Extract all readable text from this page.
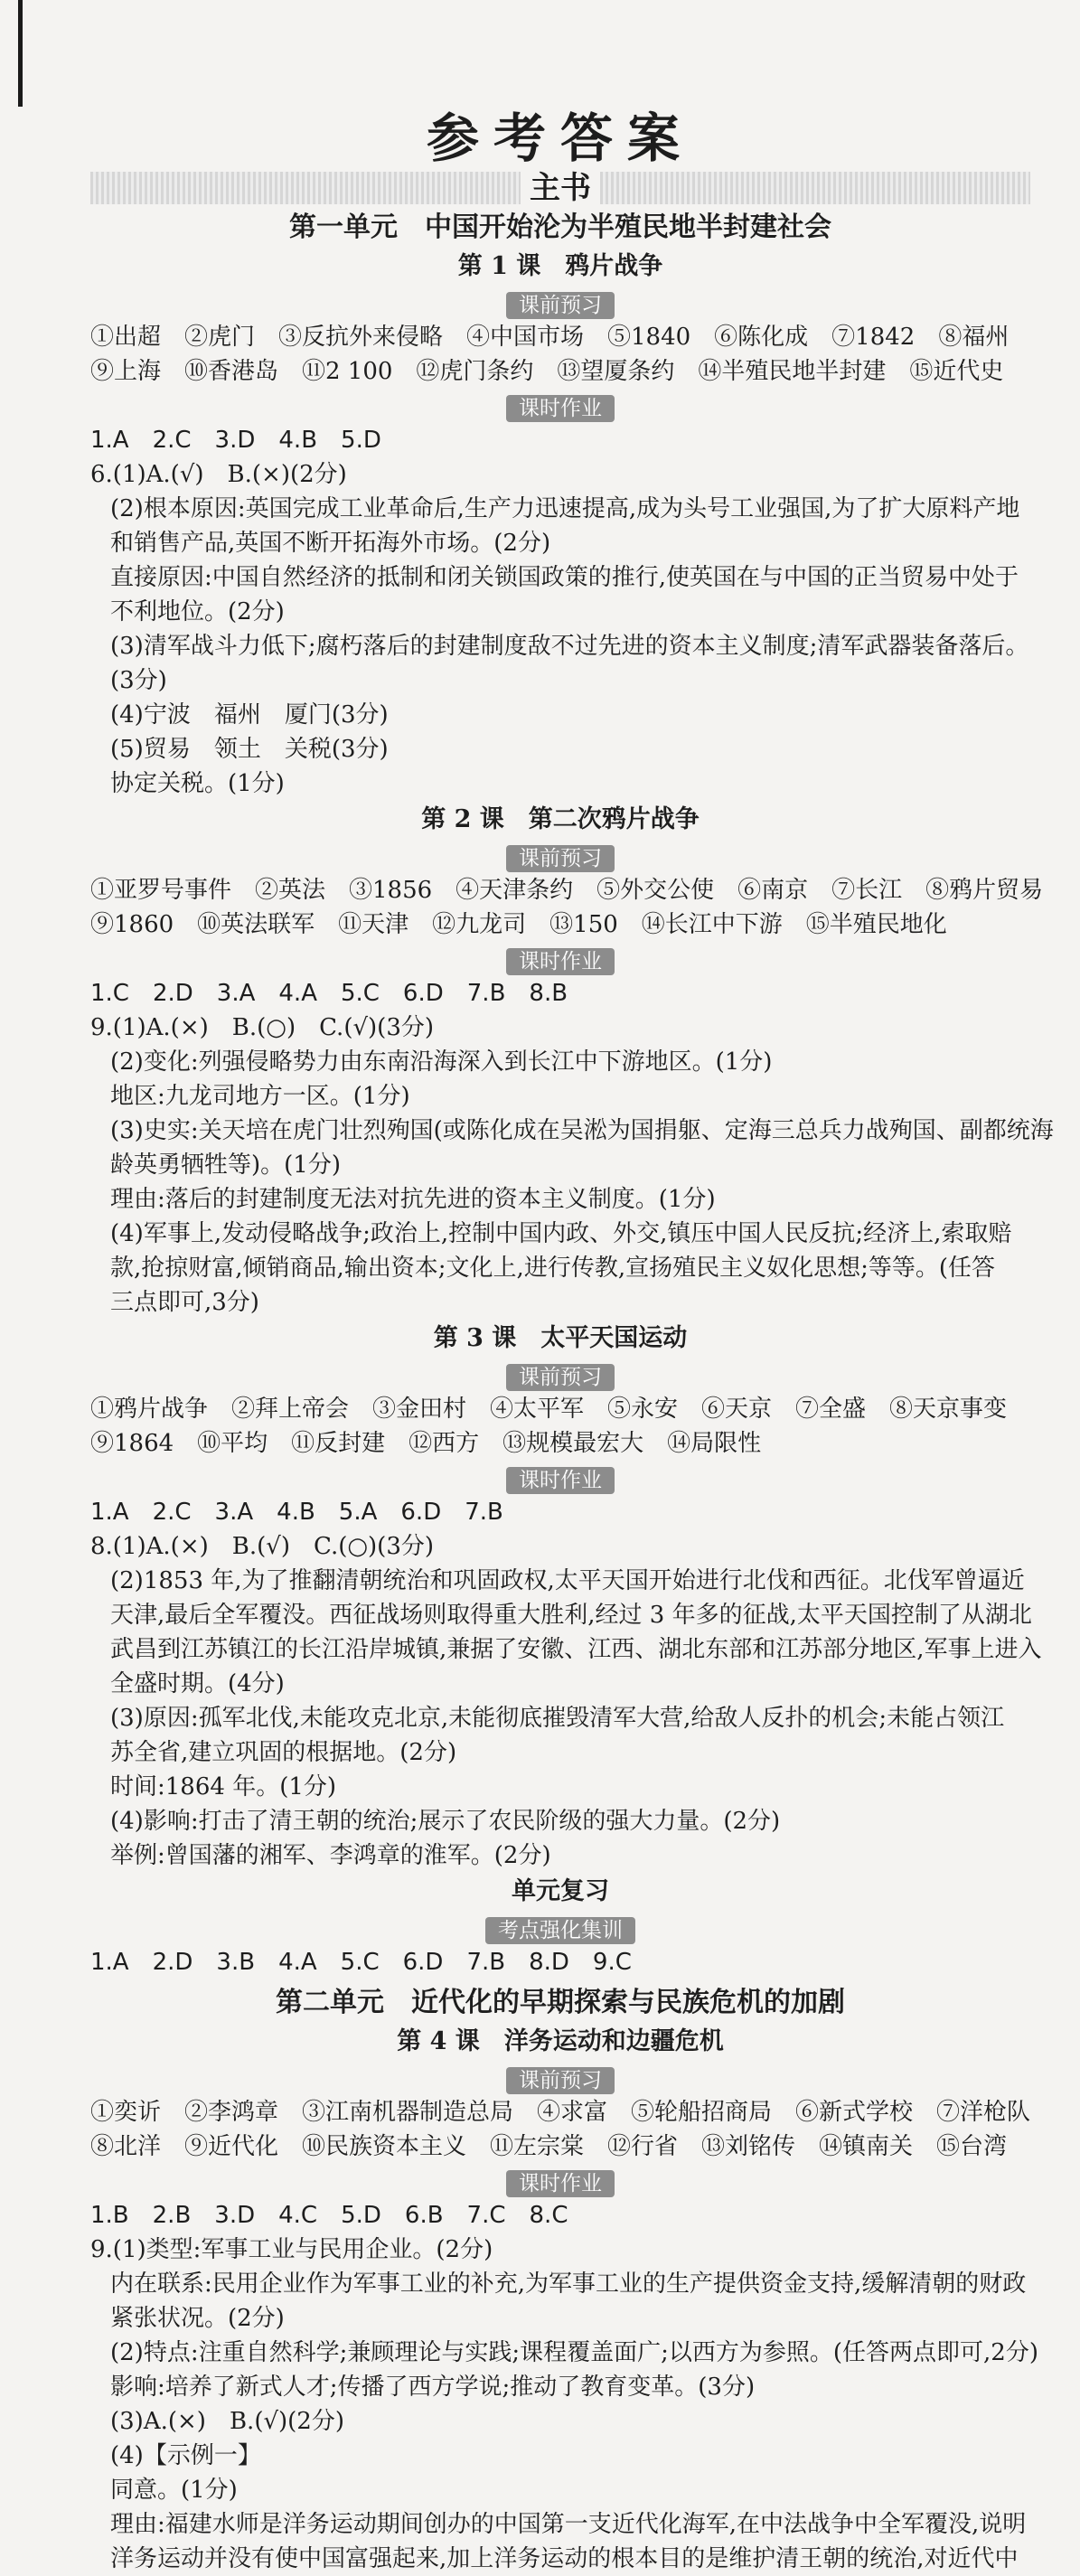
参考答案
主书
第一单元　中国开始沦为半殖民地半封建社会
第 1 课　鸦片战争
课前预习

①出超　②虎门　③反抗外来侵略　④中国市场　⑤1840　⑥陈化成　⑦1842　⑧福州

⑨上海　⑩香港岛　⑪2 100　⑫虎门条约　⑬望厦条约　⑭半殖民地半封建　⑮近代史

课时作业

1.A　2.C　3.D　4.B　5.D

6.(1)A.(√)　B.(×)(2分)

(2)根本原因:英国完成工业革命后,生产力迅速提高,成为头号工业强国,为了扩大原料产地

和销售产品,英国不断开拓海外市场。(2分)

直接原因:中国自然经济的抵制和闭关锁国政策的推行,使英国在与中国的正当贸易中处于

不利地位。(2分)

(3)清军战斗力低下;腐朽落后的封建制度敌不过先进的资本主义制度;清军武器装备落后。

(3分)

(4)宁波　福州　厦门(3分)

(5)贸易　领土　关税(3分)

协定关税。(1分)

第 2 课　第二次鸦片战争
课前预习

①亚罗号事件　②英法　③1856　④天津条约　⑤外交公使　⑥南京　⑦长江　⑧鸦片贸易

⑨1860　⑩英法联军　⑪天津　⑫九龙司　⑬150　⑭长江中下游　⑮半殖民地化

课时作业

1.C　2.D　3.A　4.A　5.C　6.D　7.B　8.B

9.(1)A.(×)　B.(○)　C.(√)(3分)

(2)变化:列强侵略势力由东南沿海深入到长江中下游地区。(1分)

地区:九龙司地方一区。(1分)

(3)史实:关天培在虎门壮烈殉国(或陈化成在吴淞为国捐躯、定海三总兵力战殉国、副都统海

龄英勇牺牲等)。(1分)

理由:落后的封建制度无法对抗先进的资本主义制度。(1分)

(4)军事上,发动侵略战争;政治上,控制中国内政、外交,镇压中国人民反抗;经济上,索取赔

款,抢掠财富,倾销商品,输出资本;文化上,进行传教,宣扬殖民主义奴化思想;等等。(任答

三点即可,3分)

第 3 课　太平天国运动
课前预习

①鸦片战争　②拜上帝会　③金田村　④太平军　⑤永安　⑥天京　⑦全盛　⑧天京事变

⑨1864　⑩平均　⑪反封建　⑫西方　⑬规模最宏大　⑭局限性

课时作业

1.A　2.C　3.A　4.B　5.A　6.D　7.B

8.(1)A.(×)　B.(√)　C.(○)(3分)

(2)1853 年,为了推翻清朝统治和巩固政权,太平天国开始进行北伐和西征。北伐军曾逼近

天津,最后全军覆没。西征战场则取得重大胜利,经过 3 年多的征战,太平天国控制了从湖北

武昌到江苏镇江的长江沿岸城镇,兼据了安徽、江西、湖北东部和江苏部分地区,军事上进入

全盛时期。(4分)

(3)原因:孤军北伐,未能攻克北京,未能彻底摧毁清军大营,给敌人反扑的机会;未能占领江

苏全省,建立巩固的根据地。(2分)

时间:1864 年。(1分)

(4)影响:打击了清王朝的统治;展示了农民阶级的强大力量。(2分)

举例:曾国藩的湘军、李鸿章的淮军。(2分)

单元复习
考点强化集训

1.A　2.D　3.B　4.A　5.C　6.D　7.B　8.D　9.C

第二单元　近代化的早期探索与民族危机的加剧
第 4 课　洋务运动和边疆危机
课前预习

①奕䜣　②李鸿章　③江南机器制造总局　④求富　⑤轮船招商局　⑥新式学校　⑦洋枪队

⑧北洋　⑨近代化　⑩民族资本主义　⑪左宗棠　⑫行省　⑬刘铭传　⑭镇南关　⑮台湾

课时作业

1.B　2.B　3.D　4.C　5.D　6.B　7.C　8.C

9.(1)类型:军事工业与民用企业。(2分)

内在联系:民用企业作为军事工业的补充,为军事工业的生产提供资金支持,缓解清朝的财政

紧张状况。(2分)

(2)特点:注重自然科学;兼顾理论与实践;课程覆盖面广;以西方为参照。(任答两点即可,2分)

影响:培养了新式人才;传播了西方学说;推动了教育变革。(3分)

(3)A.(×)　B.(√)(2分)

(4)【示例一】

同意。(1分)

理由:福建水师是洋务运动期间创办的中国第一支近代化海军,在中法战争中全军覆没,说明

洋务运动并没有使中国富强起来,加上洋务运动的根本目的是维护清王朝的统治,对近代中
